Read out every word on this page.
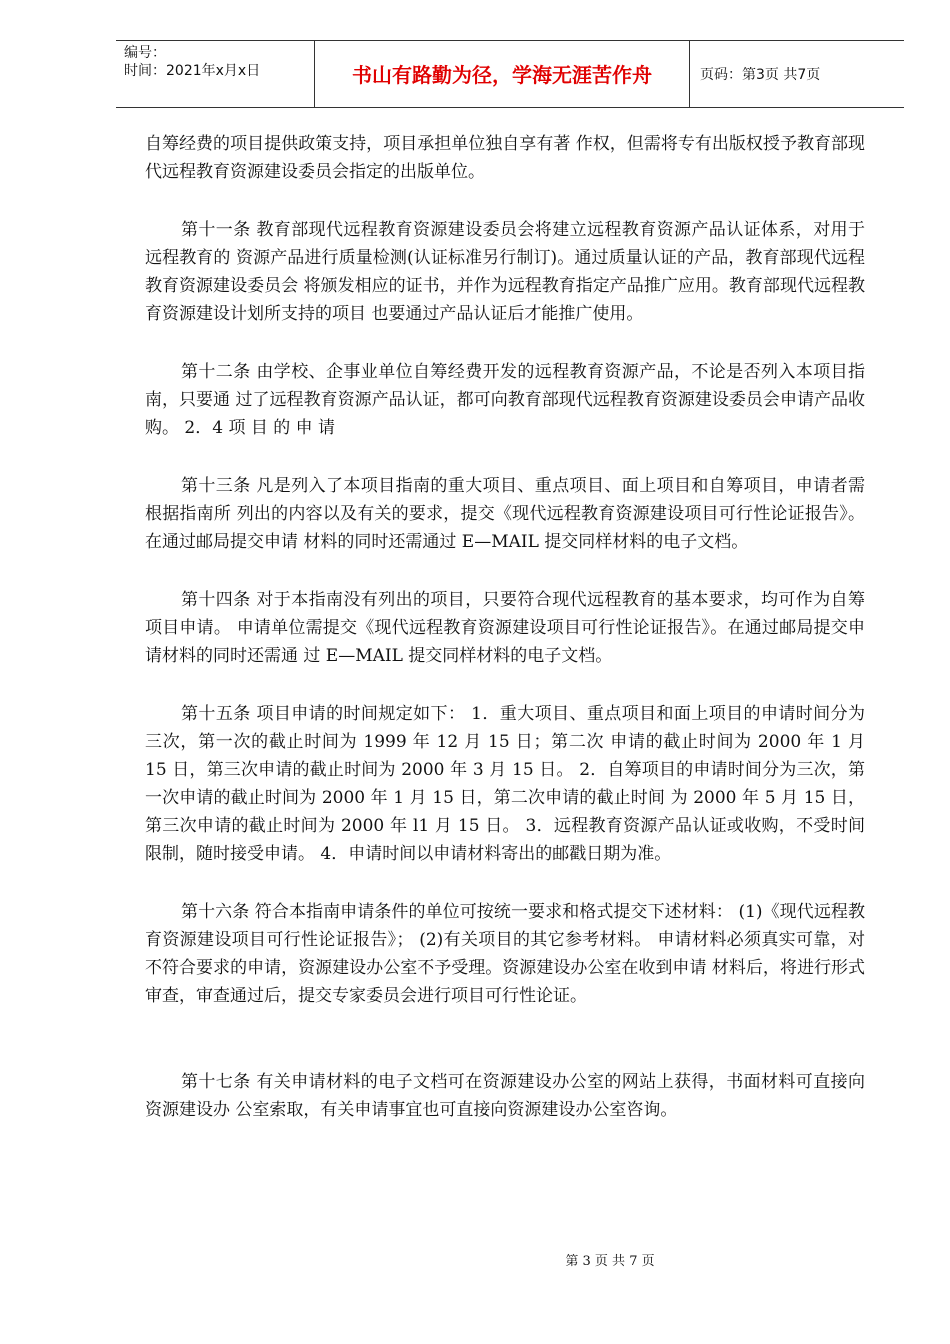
编号：
时间：2021年x月x日	书山有路勤为径，学海无涯苦作舟	页码：第3页 共7页

自筹经费的项目提供政策支持，项目承担单位独自享有著 作权，但需将专有出版权授予教育部现代远程教育资源建设委员会指定的出版单位。

第十一条 教育部现代远程教育资源建设委员会将建立远程教育资源产品认证体系，对用于远程教育的 资源产品进行质量检测(认证标准另行制订)。通过质量认证的产品，教育部现代远程教育资源建设委员会 将颁发相应的证书，并作为远程教育指定产品推广应用。教育部现代远程教育资源建设计划所支持的项目 也要通过产品认证后才能推广使用。

第十二条 由学校、企事业单位自筹经费开发的远程教育资源产品，不论是否列入本项目指南，只要通 过了远程教育资源产品认证，都可向教育部现代远程教育资源建设委员会申请产品收购。 2．4 项 目 的 申 请

第十三条 凡是列入了本项目指南的重大项目、重点项目、面上项目和自筹项目，申请者需根据指南所 列出的内容以及有关的要求，提交《现代远程教育资源建设项目可行性论证报告》。在通过邮局提交申请 材料的同时还需通过 E—MAIL 提交同样材料的电子文档。

第十四条 对于本指南没有列出的项目，只要符合现代远程教育的基本要求，均可作为自筹项目申请。 申请单位需提交《现代远程教育资源建设项目可行性论证报告》。在通过邮局提交申请材料的同时还需通 过 E—MAIL 提交同样材料的电子文档。

第十五条 项目申请的时间规定如下： 1．重大项目、重点项目和面上项目的申请时间分为三次，第一次的截止时间为 1999 年 12 月 15 日；第二次 申请的截止时间为 2000 年 1 月 15 日，第三次申请的截止时间为 2000 年 3 月 15 日。 2．自筹项目的申请时间分为三次，第一次申请的截止时间为 2000 年 1 月 15 日，第二次申请的截止时间 为 2000 年 5 月 15 日，第三次申请的截止时间为 2000 年 l1 月 15 日。 3．远程教育资源产品认证或收购，不受时间限制，随时接受申请。 4．申请时间以申请材料寄出的邮戳日期为准。

第十六条 符合本指南申请条件的单位可按统一要求和格式提交下述材料： (1)《现代远程教育资源建设项目可行性论证报告》； (2)有关项目的其它参考材料。 申请材料必须真实可靠，对不符合要求的申请，资源建设办公室不予受理。资源建设办公室在收到申请 材料后，将进行形式审查，审查通过后，提交专家委员会进行项目可行性论证。

第十七条 有关申请材料的电子文档可在资源建设办公室的网站上获得，书面材料可直接向资源建设办 公室索取，有关申请事宜也可直接向资源建设办公室咨询。

第 3 页 共 7 页
